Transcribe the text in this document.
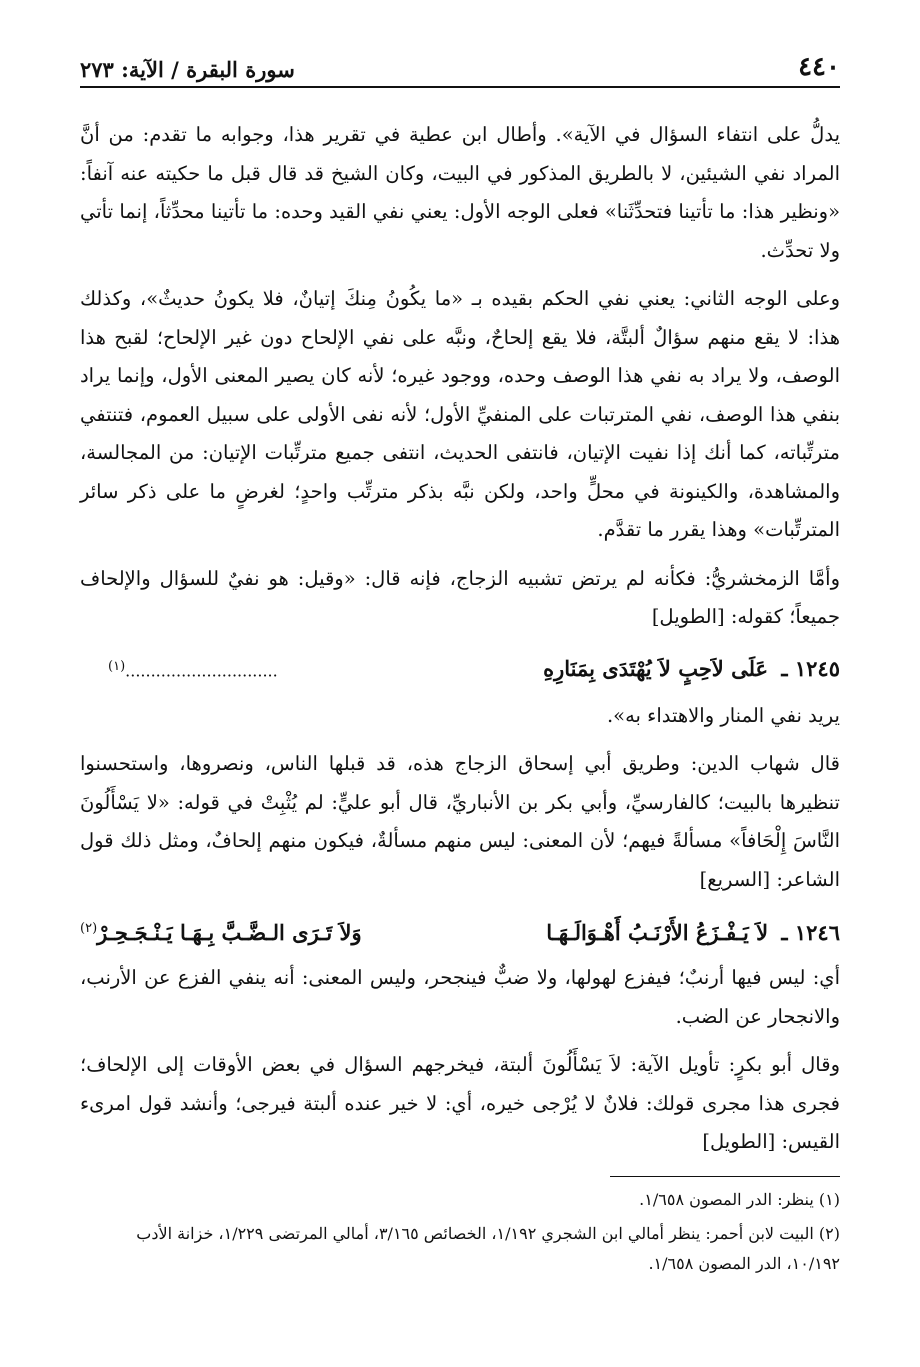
٤٤٠
سورة البقرة / الآية: ٢٧٣

يدلُّ على انتفاء السؤال في الآية». وأطال ابن عطية في تقرير هذا، وجوابه ما تقدم: من أنَّ المراد نفي الشيئين، لا بالطريق المذكور في البيت، وكان الشيخ قد قال قبل ما حكيته عنه آنفاً: «ونظير هذا: ما تأتينا فتحدِّثَنا» فعلى الوجه الأول: يعني نفي القيد وحده: ما تأتينا محدِّثاً، إنما تأتي ولا تحدِّث.

وعلى الوجه الثاني: يعني نفي الحكم بقيده بـ «ما يكُونُ مِنكَ إتيانٌ، فلا يكونُ حديثٌ»، وكذلك هذا: لا يقع منهم سؤالٌ ألبتَّة، فلا يقع إلحاحٌ، ونبَّه على نفي الإلحاح دون غير الإلحاح؛ لقبح هذا الوصف، ولا يراد به نفي هذا الوصف وحده، ووجود غيره؛ لأنه كان يصير المعنى الأول، وإنما يراد بنفي هذا الوصف، نفي المترتبات على المنفيِّ الأول؛ لأنه نفى الأولى على سبيل العموم، فتنتفي مترتِّباته، كما أنك إذا نفيت الإتيان، فانتفى الحديث، انتفى جميع مترتِّبات الإتيان: من المجالسة، والمشاهدة، والكينونة في محلٍّ واحد، ولكن نبَّه بذكر مترتِّب واحدٍ؛ لغرضٍ ما على ذكر سائر المترتِّبات» وهذا يقرر ما تقدَّم.

وأمَّا الزمخشريُّ: فكأنه لم يرتض تشبيه الزجاج، فإنه قال: «وقيل: هو نفيٌ للسؤال والإلحاف جميعاً؛ كقوله: [الطويل]

١٢٤٥ ـ عَلَى لاَحِبٍ لاَ يُهْتَدَى بِمَنَارِهِ
..............................$^{(١)}$

يريد نفي المنار والاهتداء به».

قال شهاب الدين: وطريق أبي إسحاق الزجاج هذه، قد قبلها الناس، ونصروها، واستحسنوا تنظيرها بالبيت؛ كالفارسيِّ، وأبي بكر بن الأنباريِّ، قال أبو عليٍّ: لم يُثْبِتْ في قوله: «لا يَسْأَلُونَ النَّاسَ إِلْحَافاً» مسألةً فيهم؛ لأن المعنى: ليس منهم مسألةٌ، فيكون منهم إلحافٌ، ومثل ذلك قول الشاعر: [السريع]

١٢٤٦ ـ لاَ يَـفْـزَعُ الأَرْنَـبُ أَهْـوَالَـهَـا
وَلاَ تَـرَى الـضَّـبَّ بِـهَـا يَـنْـجَـحِـرْ$^{(٢)}$

أي: ليس فيها أرنبٌ؛ فيفزع لهولها، ولا ضبٌّ فينجحر، وليس المعنى: أنه ينفي الفزع عن الأرنب، والانجحار عن الضب.

وقال أبو بكرٍ: تأويل الآية: لاَ يَسْأَلُونَ ألبتة، فيخرجهم السؤال في بعض الأوقات إلى الإلحاف؛ فجرى هذا مجرى قولك: فلانٌ لا يُرْجى خيره، أي: لا خير عنده ألبتة فيرجى؛ وأنشد قول امرىء القيس: [الطويل]

(١) ينظر: الدر المصون ١/٦٥٨.

(٢) البيت لابن أحمر: ينظر أمالي ابن الشجري ١/١٩٢، الخصائص ٣/١٦٥، أمالي المرتضى ١/٢٢٩، خزانة الأدب ١٠/١٩٢، الدر المصون ١/٦٥٨.
